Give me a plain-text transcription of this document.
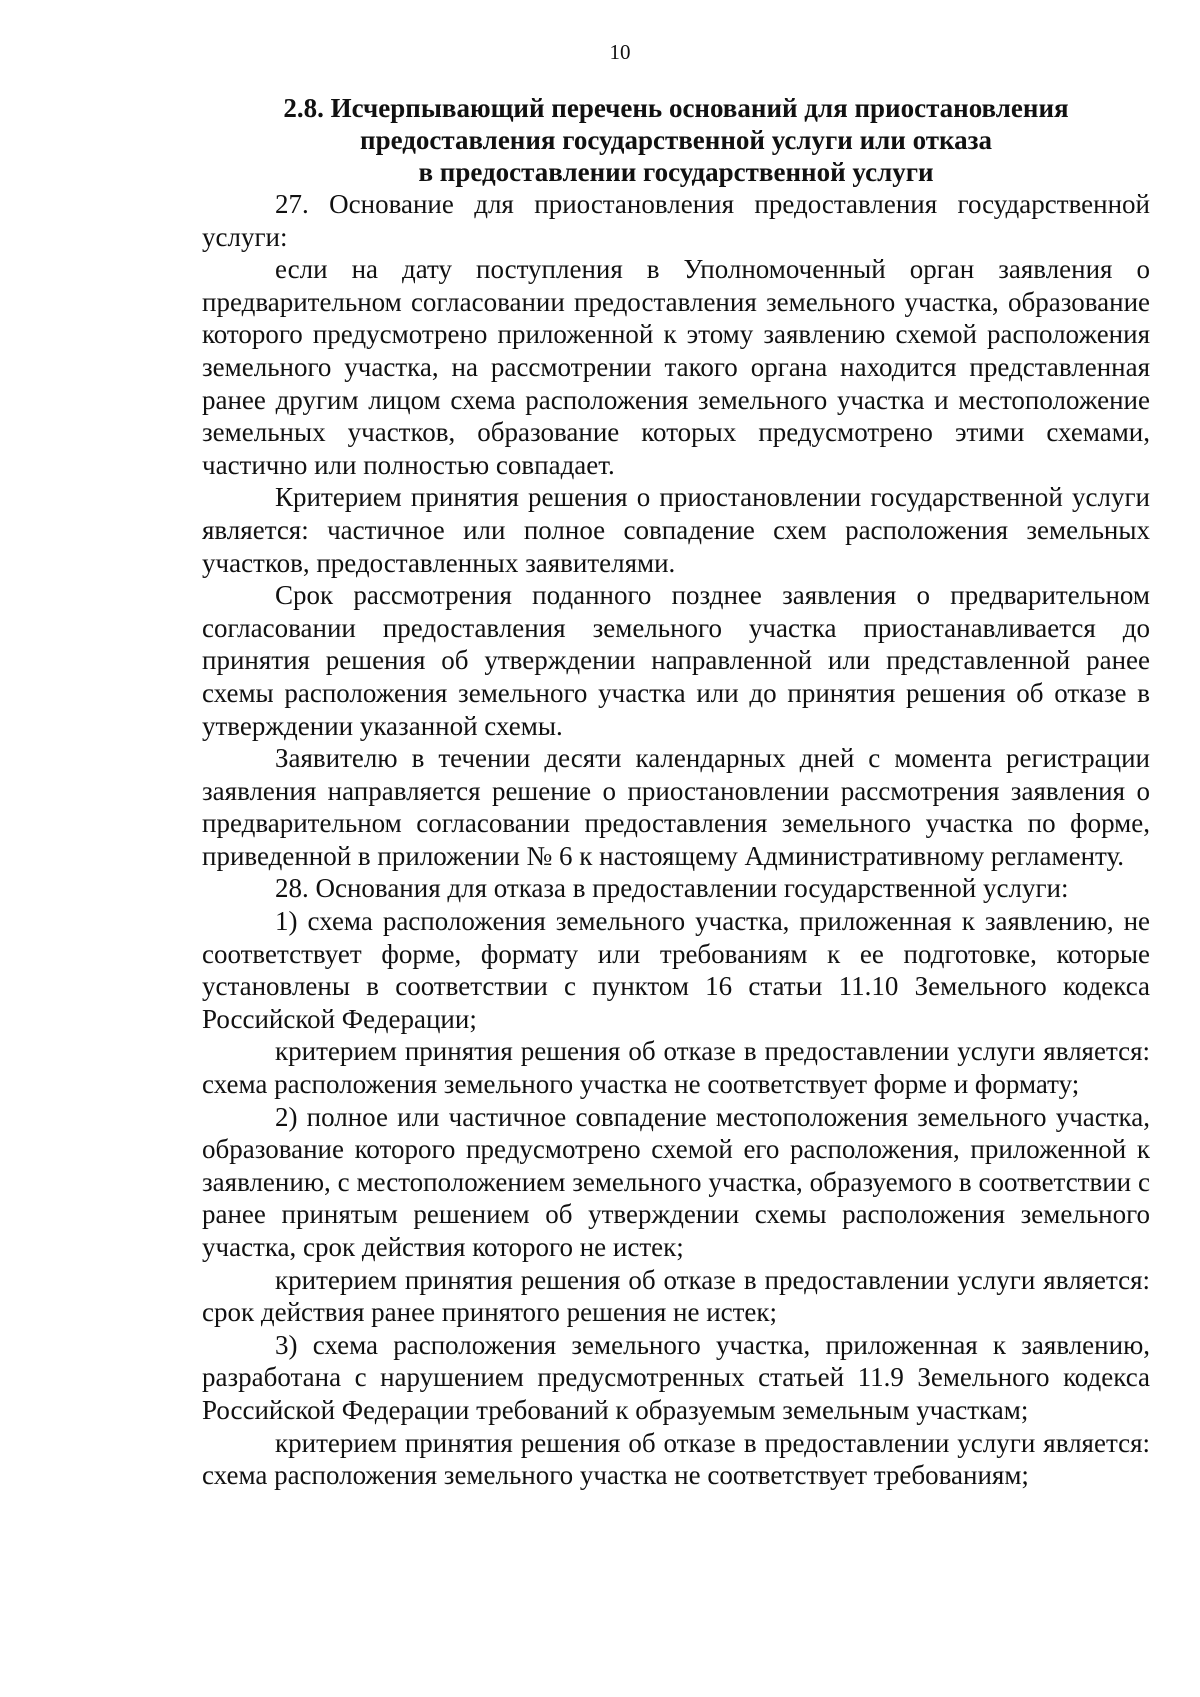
10
2.8. Исчерпывающий перечень оснований для приостановления
предоставления государственной услуги или отказа
в предоставлении государственной услуги

27. Основание для приостановления предоставления государственной услуги:

если на дату поступления в Уполномоченный орган заявления о предварительном согласовании предоставления земельного участка, образование которого предусмотрено приложенной к этому заявлению схемой расположения земельного участка, на рассмотрении такого органа находится представленная ранее другим лицом схема расположения земельного участка и местоположение земельных участков, образование которых предусмотрено этими схемами, частично или полностью совпадает.

Критерием принятия решения о приостановлении государственной услуги является: частичное или полное совпадение схем расположения земельных участков, предоставленных заявителями.

Срок рассмотрения поданного позднее заявления о предварительном согласовании предоставления земельного участка приостанавливается до принятия решения об утверждении направленной или представленной ранее схемы расположения земельного участка или до принятия решения об отказе в утверждении указанной схемы.

Заявителю в течении десяти календарных дней с момента регистрации заявления направляется решение о приостановлении рассмотрения заявления о предварительном согласовании предоставления земельного участка по форме, приведенной в приложении № 6 к настоящему Административному регламенту.

28. Основания для отказа в предоставлении государственной услуги:

1) схема расположения земельного участка, приложенная к заявлению, не соответствует форме, формату или требованиям к ее подготовке, которые установлены в соответствии с пунктом 16 статьи 11.10 Земельного кодекса Российской Федерации;

критерием принятия решения об отказе в предоставлении услуги является: схема расположения земельного участка не соответствует форме и формату;

2) полное или частичное совпадение местоположения земельного участка, образование которого предусмотрено схемой его расположения, приложенной к заявлению, с местоположением земельного участка, образуемого в соответствии с ранее принятым решением об утверждении схемы расположения земельного участка, срок действия которого не истек;

критерием принятия решения об отказе в предоставлении услуги является: срок действия ранее принятого решения не истек;

3) схема расположения земельного участка, приложенная к заявлению, разработана с нарушением предусмотренных статьей 11.9 Земельного кодекса Российской Федерации требований к образуемым земельным участкам;

критерием принятия решения об отказе в предоставлении услуги является: схема расположения земельного участка не соответствует требованиям;
